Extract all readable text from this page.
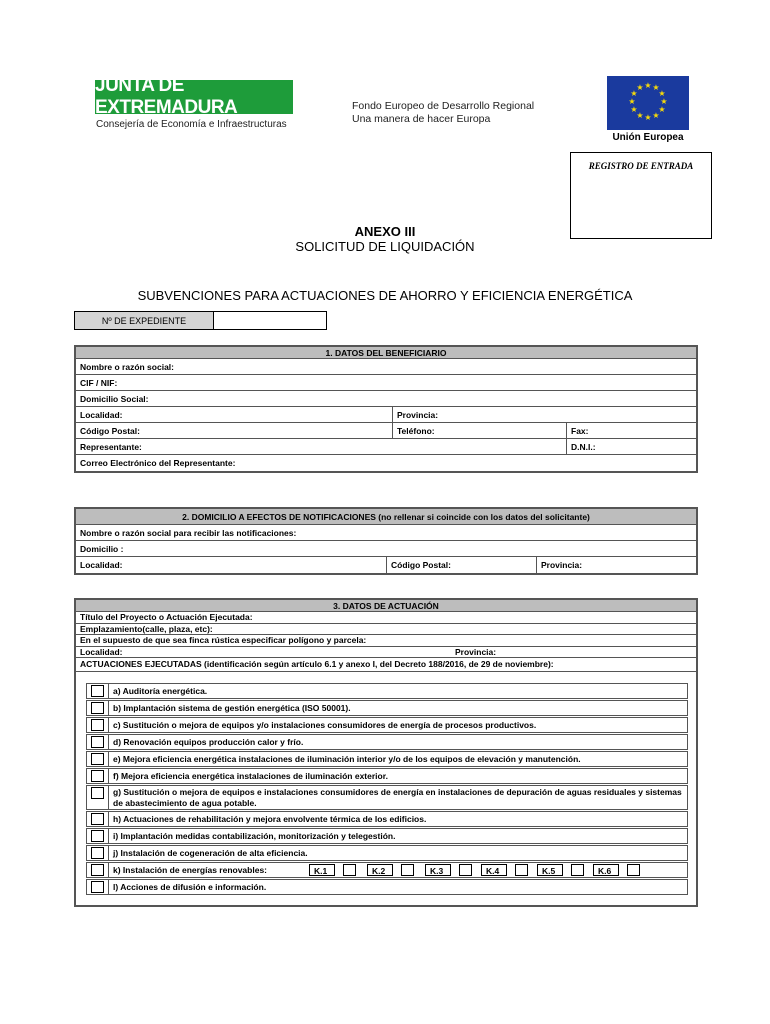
JUNTA DE EXTREMADURA
Consejería de Economía e Infraestructuras
Fondo Europeo de Desarrollo Regional
Una manera de hacer Europa
★ ★
★
★
★
★
★
★
★
★
★
★
Unión Europea
REGISTRO DE ENTRADA
ANEXO III
SOLICITUD DE LIQUIDACIÓN
SUBVENCIONES PARA ACTUACIONES DE AHORRO Y EFICIENCIA ENERGÉTICA
Nº DE EXPEDIENTE
1. DATOS DEL BENEFICIARIO
Nombre o razón social:
CIF / NIF:
Domicilio Social:
Localidad:	Provincia:
Código Postal:	Teléfono:	Fax:
Representante:	D.N.I.:
Correo Electrónico del Representante:
2. DOMICILIO A EFECTOS DE NOTIFICACIONES (no rellenar si coincide con los datos del solicitante)
Nombre o razón social para recibir las notificaciones:
Domicilio :
Localidad:	Código Postal:	Provincia:
3. DATOS DE ACTUACIÓN
Título del Proyecto o Actuación Ejecutada:
Emplazamiento(calle, plaza, etc):
En el supuesto de que sea finca rústica especificar polígono y parcela:
Localidad:	Provincia:
ACTUACIONES EJECUTADAS (identificación según artículo 6.1 y anexo I, del Decreto 188/2016, de 29 de noviembre):
a) Auditoría energética.
b) Implantación sistema de gestión energética (ISO 50001).
c) Sustitución o mejora de equipos y/o instalaciones consumidores de energía de procesos productivos.
d) Renovación equipos producción calor y frío.
e) Mejora eficiencia energética instalaciones de iluminación interior y/o de los equipos de elevación y manutención.
f) Mejora eficiencia energética instalaciones de iluminación exterior.
g) Sustitución o mejora de equipos e instalaciones consumidores de energía en instalaciones de depuración de aguas residuales y sistemas de abastecimiento de agua potable.
h) Actuaciones de rehabilitación y mejora envolvente térmica de los edificios.
i) Implantación medidas contabilización, monitorización y telegestión.
j) Instalación de cogeneración de alta eficiencia.
k) Instalación de energías renovables:	K.1	K.2	K.3	K.4	K.5	K.6
l) Acciones de difusión e información.
